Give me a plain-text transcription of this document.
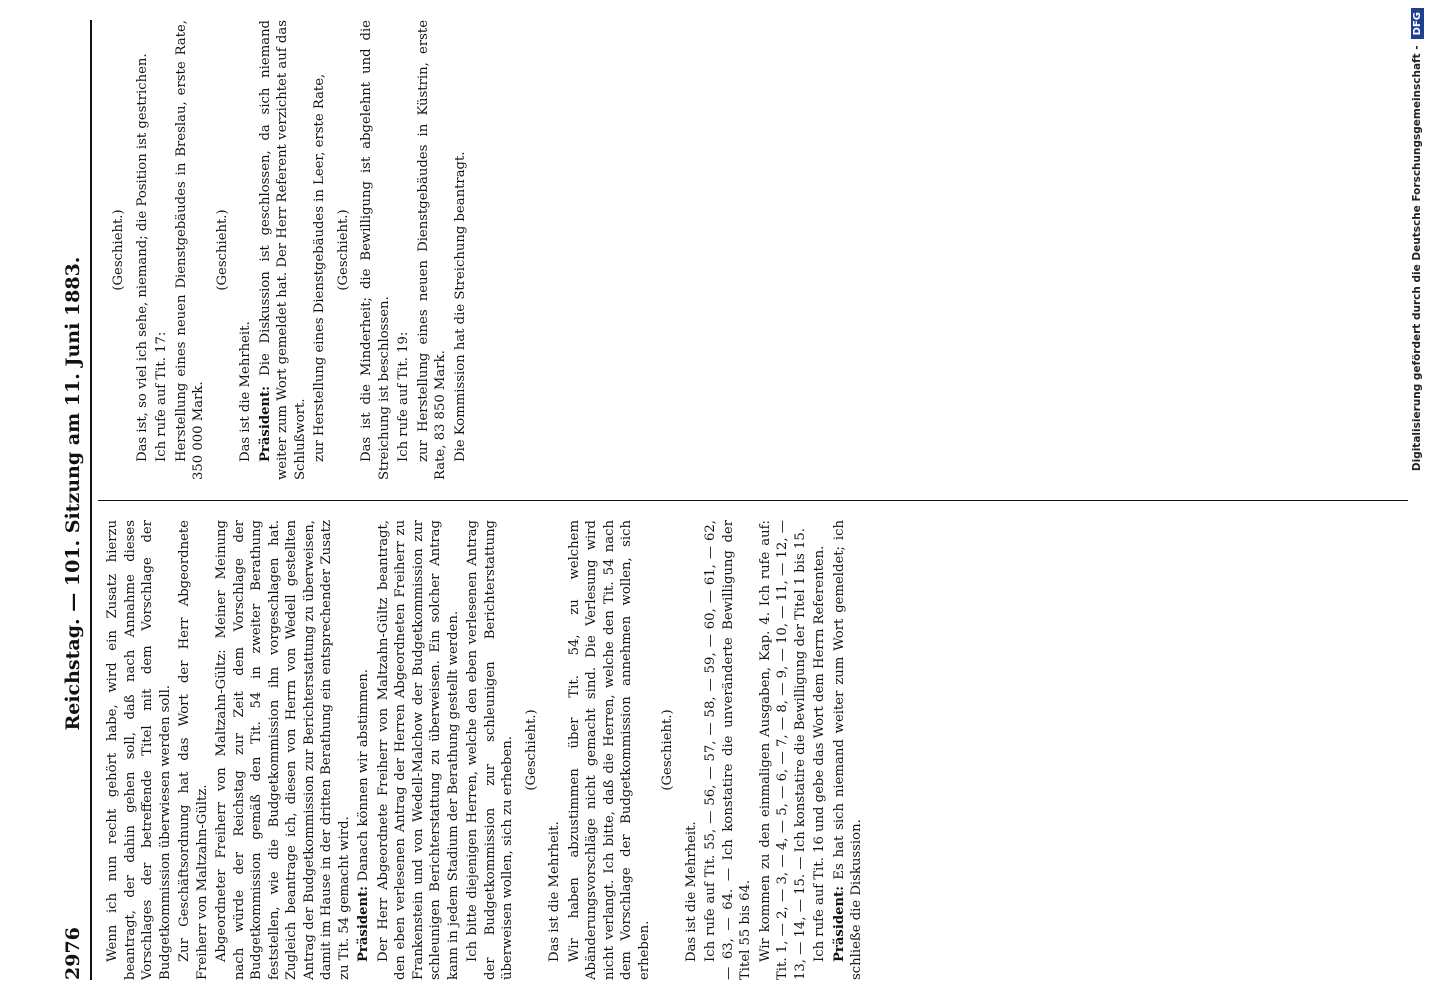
2976
Reichstag. — 101. Sitzung am 11. Juni 1883.

Wenn ich nun recht gehört habe, wird ein Zusatz hierzu beantragt, der dahin gehen soll, daß nach Annahme dieses Vorschlages der betreffende Titel mit dem Vorschlage der Budgetkommission überwiesen werden soll. Zur Geschäftsordnung hat das Wort der Herr Abgeordnete Freiherr von Maltzahn-Gültz. Abgeordneter Freiherr von Maltzahn-Gültz: Meiner Meinung nach würde der Reichstag zur Zeit dem Vorschlage der Budgetkommission gemäß den Tit. 54 in zweiter Berathung feststellen, wie die Budgetkommission ihn vorgeschlagen hat. Zugleich beantrage ich, diesen von Herrn von Wedell gestellten Antrag der Budgetkommission zur Berichterstattung zu überweisen, damit im Hause in der dritten Berathung ein entsprechender Zusatz zu Tit. 54 gemacht wird. Präsident: Danach können wir abstimmen. Der Herr Abgeordnete Freiherr von Maltzahn-Gültz beantragt, den eben verlesenen Antrag der Herren Abgeordneten Freiherr zu Frankenstein und von Wedell-Malchow der Budgetkommission zur schleunigen Berichterstattung zu überweisen. Ein solcher Antrag kann in jedem Stadium der Berathung gestellt werden. Ich bitte diejenigen Herren, welche den eben verlesenen Antrag der Budgetkommission zur schleunigen Berichterstattung überweisen wollen, sich zu erheben. (Geschieht.)

Das ist die Mehrheit. Wir haben abzustimmen über Tit. 54, zu welchem Abänderungsvorschläge nicht gemacht sind. Die Verlesung wird nicht verlangt. Ich bitte, daß die Herren, welche den Tit. 54 nach dem Vorschlage der Budgetkommission annehmen wollen, sich erheben.

(Geschieht.)

Das ist die Mehrheit. Ich rufe auf Tit. 55, — 56, — 57, — 58, — 59, — 60, — 61, — 62, — 63, — 64. — Ich konstatire die unveränderte Bewilligung der Titel 55 bis 64. Wir kommen zu den einmaligen Ausgaben, Kap. 4. Ich rufe auf: Tit. 1, — 2, — 3, — 4, — 5, — 6, — 7, — 8, — 9, — 10, — 11, — 12, — 13, — 14, — 15. — Ich konstatire die Bewilligung der Titel 1 bis 15. Ich rufe auf Tit. 16 und gebe das Wort dem Herrn Referenten. Präsident: Es hat sich niemand weiter zum Wort gemeldet; ich schließe die Diskussion.

(Geschieht.) Das ist, so viel ich sehe, niemand; die Position ist gestrichen. Ich rufe auf Tit. 17: Herstellung eines neuen Dienstgebäudes in Breslau, erste Rate, 350 000 Mark.

(Geschieht.)

Das ist die Mehrheit. Präsident: Die Diskussion ist geschlossen, da sich niemand weiter zum Wort gemeldet hat. Der Herr Referent verzichtet auf das Schlußwort. zur Herstellung eines Dienstgebäudes in Leer, erste Rate, (Geschieht.) Das ist die Minderheit; die Bewilligung ist abgelehnt und die Streichung ist beschlossen. Ich rufe auf Tit. 19: zur Herstellung eines neuen Dienstgebäudes in Küstrin, erste Rate, 83 850 Mark. Die Kommission hat die Streichung beantragt.	Digitalisierung gefördert durch die Deutsche Forschungsgemeinschaft -
DFG
